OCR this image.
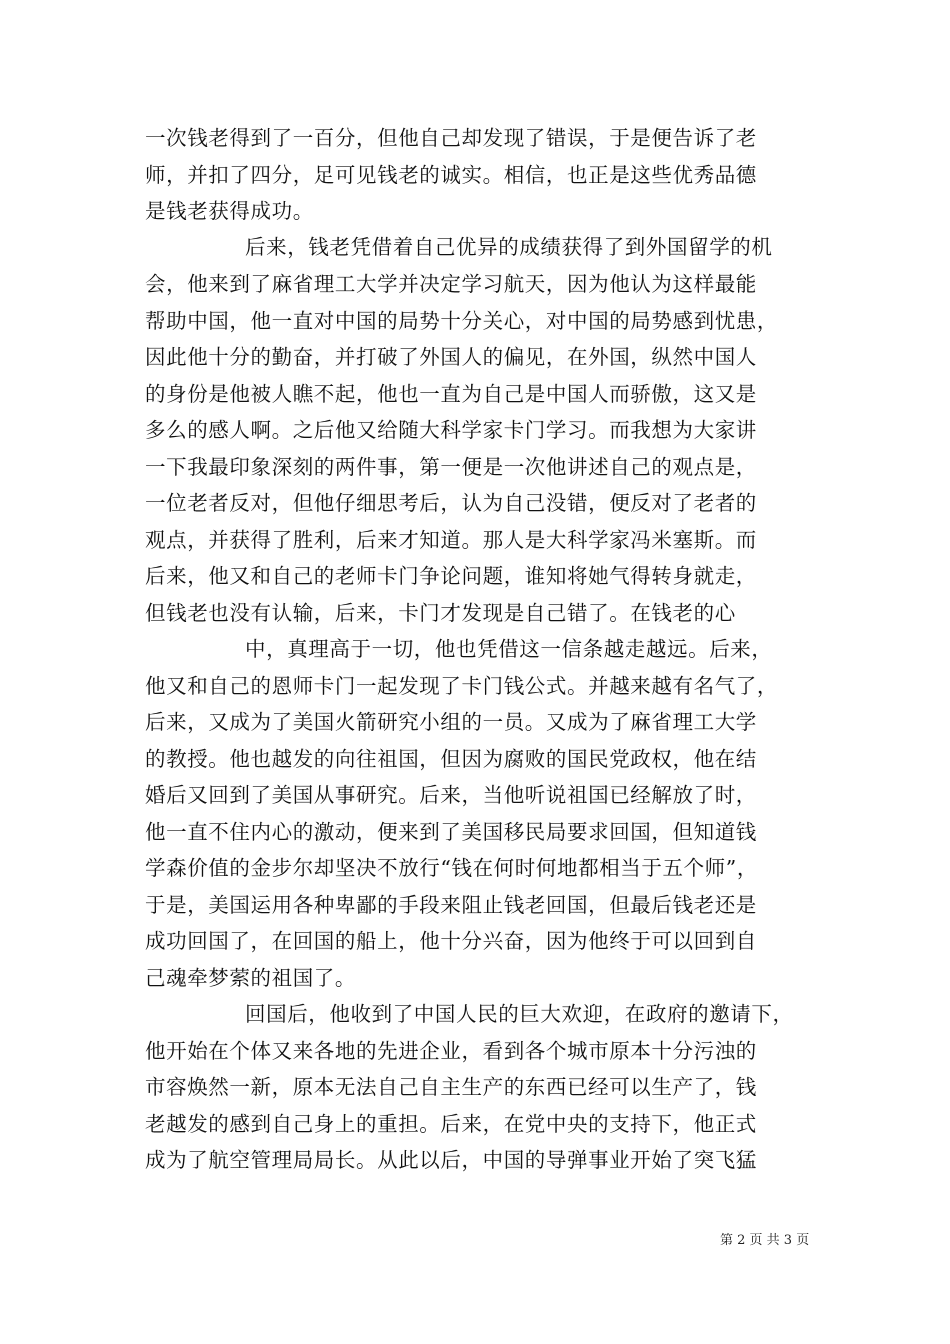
一次钱老得到了一百分，但他自己却发现了错误，于是便告诉了老
师，并扣了四分，足可见钱老的诚实。相信，也正是这些优秀品德
是钱老获得成功。
后来，钱老凭借着自己优异的成绩获得了到外国留学的机
会，他来到了麻省理工大学并决定学习航天，因为他认为这样最能
帮助中国，他一直对中国的局势十分关心，对中国的局势感到忧患，
因此他十分的勤奋，并打破了外国人的偏见，在外国，纵然中国人
的身份是他被人瞧不起，他也一直为自己是中国人而骄傲，这又是
多么的感人啊。之后他又给随大科学家卡门学习。而我想为大家讲
一下我最印象深刻的两件事，第一便是一次他讲述自己的观点是，
一位老者反对，但他仔细思考后，认为自己没错，便反对了老者的
观点，并获得了胜利，后来才知道。那人是大科学家冯米塞斯。而
后来，他又和自己的老师卡门争论问题，谁知将她气得转身就走，
但钱老也没有认输，后来，卡门才发现是自己错了。在钱老的心
中，真理高于一切，他也凭借这一信条越走越远。后来，
他又和自己的恩师卡门一起发现了卡门钱公式。并越来越有名气了，
后来，又成为了美国火箭研究小组的一员。又成为了麻省理工大学
的教授。他也越发的向往祖国，但因为腐败的国民党政权，他在结
婚后又回到了美国从事研究。后来，当他听说祖国已经解放了时，
他一直不住内心的激动，便来到了美国移民局要求回国，但知道钱
学森价值的金步尔却坚决不放行“钱在何时何地都相当于五个师”，
于是，美国运用各种卑鄙的手段来阻止钱老回国，但最后钱老还是
成功回国了，在回国的船上，他十分兴奋，因为他终于可以回到自
己魂牵梦萦的祖国了。
回国后，他收到了中国人民的巨大欢迎，在政府的邀请下，
他开始在个体又来各地的先进企业，看到各个城市原本十分污浊的
市容焕然一新，原本无法自己自主生产的东西已经可以生产了，钱
老越发的感到自己身上的重担。后来，在党中央的支持下，他正式
成为了航空管理局局长。从此以后，中国的导弹事业开始了突飞猛
第 2 页 共 3 页
